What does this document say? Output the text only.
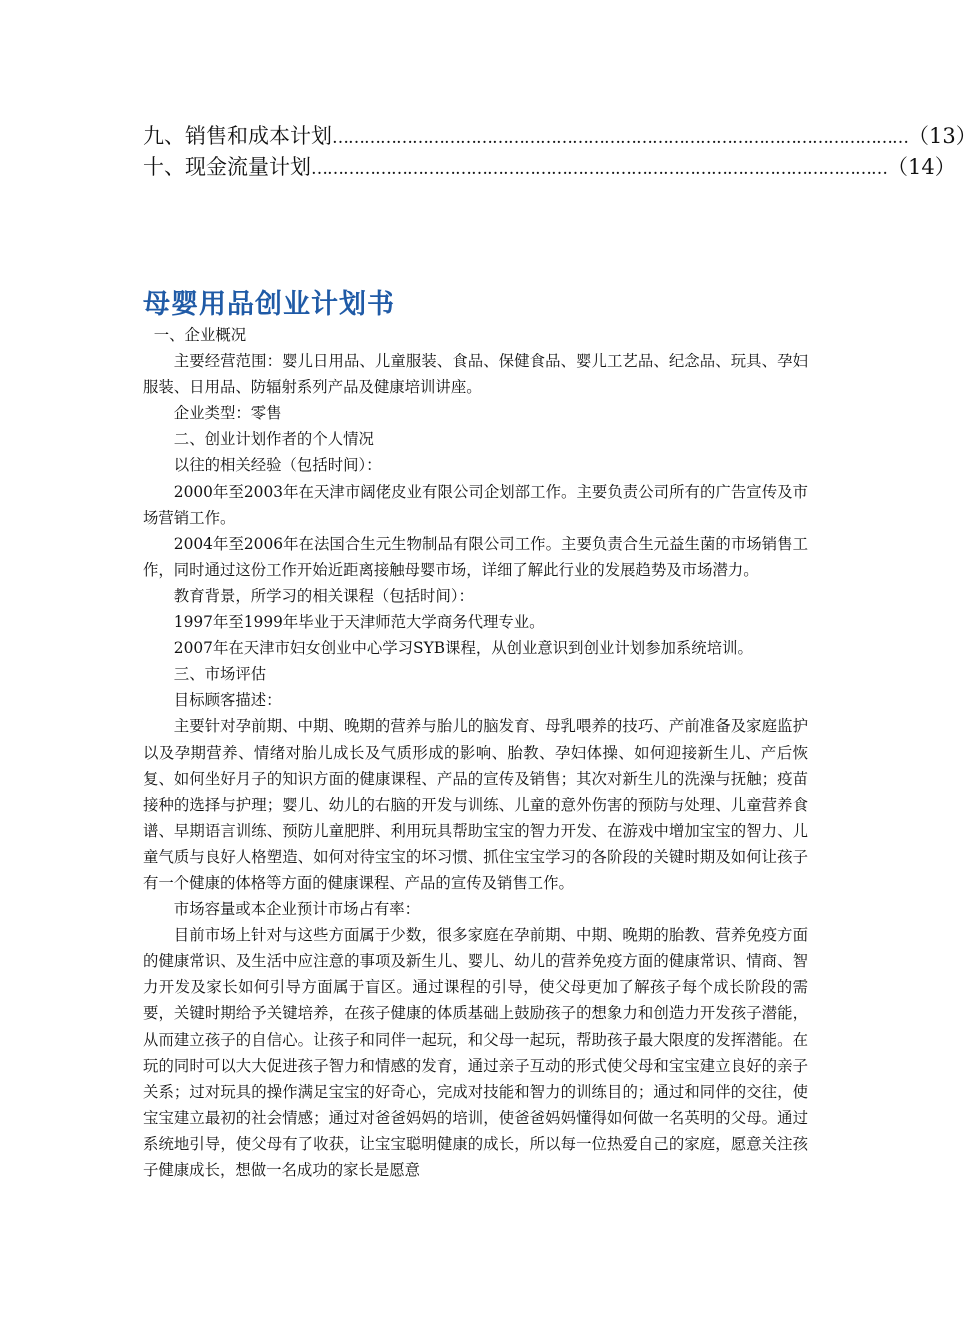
九、销售和成本计划 ……………………………………………………………………………………………… （13）
十、现金流量计划 ……………………………………………………………………………………………… （14）
母婴用品创业计划书

一、企业概况

主要经营范围：婴儿日用品、儿童服装、食品、保健食品、婴儿工艺品、纪念品、玩具、孕妇服装、日用品、防辐射系列产品及健康培训讲座。

企业类型：零售

二、创业计划作者的个人情况

以往的相关经验（包括时间）：

2000年至2003年在天津市阔佬皮业有限公司企划部工作。主要负责公司所有的广告宣传及市场营销工作。

2004年至2006年在法国合生元生物制品有限公司工作。主要负责合生元益生菌的市场销售工作，同时通过这份工作开始近距离接触母婴市场，详细了解此行业的发展趋势及市场潜力。

教育背景，所学习的相关课程（包括时间）：

1997年至1999年毕业于天津师范大学商务代理专业。

2007年在天津市妇女创业中心学习SYB课程，从创业意识到创业计划参加系统培训。

三、市场评估

目标顾客描述：

主要针对孕前期、中期、晚期的营养与胎儿的脑发育、母乳喂养的技巧、产前准备及家庭监护以及孕期营养、情绪对胎儿成长及气质形成的影响、胎教、孕妇体操、如何迎接新生儿、产后恢复、如何坐好月子的知识方面的健康课程、产品的宣传及销售；其次对新生儿的洗澡与抚触；疫苗接种的选择与护理；婴儿、幼儿的右脑的开发与训练、儿童的意外伤害的预防与处理、儿童营养食谱、早期语言训练、预防儿童肥胖、利用玩具帮助宝宝的智力开发、在游戏中增加宝宝的智力、儿童气质与良好人格塑造、如何对待宝宝的坏习惯、抓住宝宝学习的各阶段的关键时期及如何让孩子有一个健康的体格等方面的健康课程、产品的宣传及销售工作。

市场容量或本企业预计市场占有率：

目前市场上针对与这些方面属于少数，很多家庭在孕前期、中期、晚期的胎教、营养免疫方面的健康常识、及生活中应注意的事项及新生儿、婴儿、幼儿的营养免疫方面的健康常识、情商、智力开发及家长如何引导方面属于盲区。通过课程的引导，使父母更加了解孩子每个成长阶段的需要，关键时期给予关键培养，在孩子健康的体质基础上鼓励孩子的想象力和创造力开发孩子潜能，从而建立孩子的自信心。让孩子和同伴一起玩，和父母一起玩，帮助孩子最大限度的发挥潜能。在玩的同时可以大大促进孩子智力和情感的发育，通过亲子互动的形式使父母和宝宝建立良好的亲子关系；过对玩具的操作满足宝宝的好奇心，完成对技能和智力的训练目的；通过和同伴的交往，使宝宝建立最初的社会情感；通过对爸爸妈妈的培训，使爸爸妈妈懂得如何做一名英明的父母。通过系统地引导，使父母有了收获，让宝宝聪明健康的成长，所以每一位热爱自己的家庭，愿意关注孩子健康成长，想做一名成功的家长是愿意
